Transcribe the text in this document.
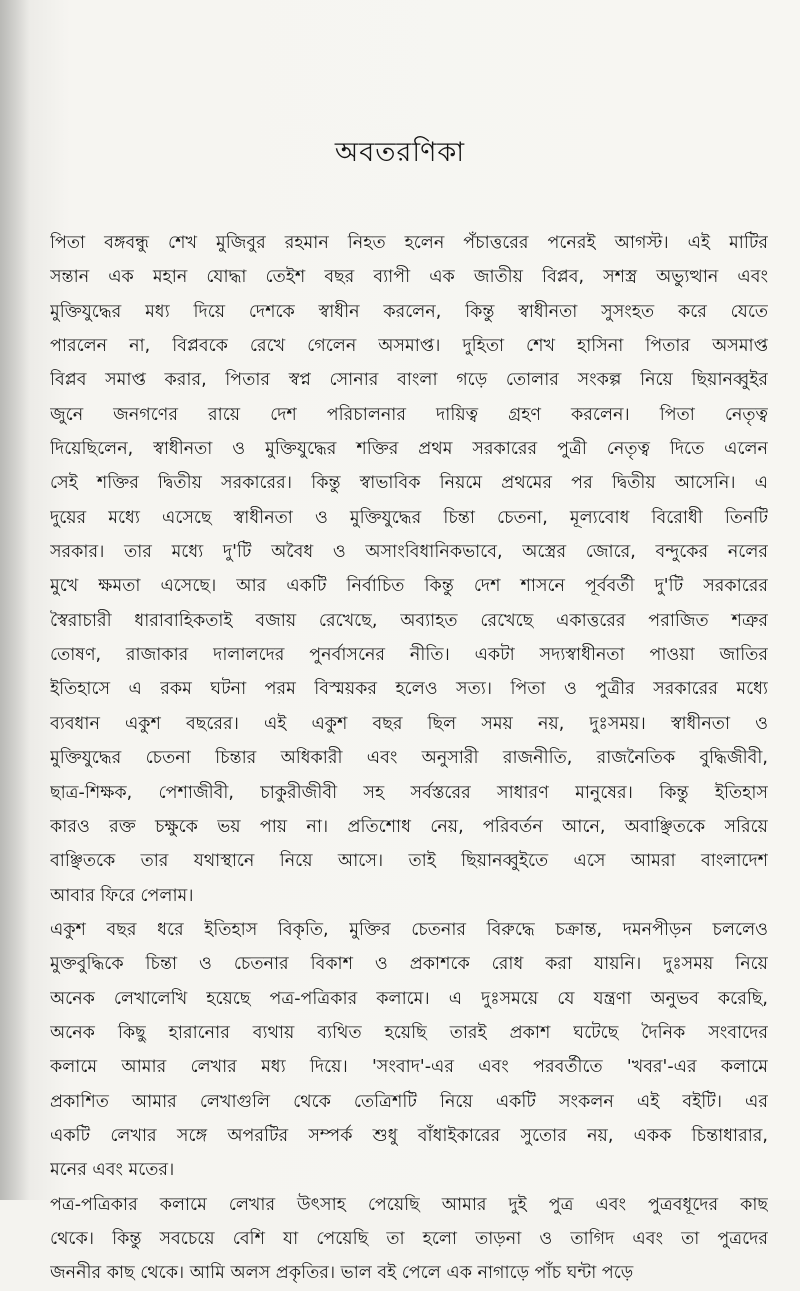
অবতরণিকা
পিতা বঙ্গবন্ধু শেখ মুজিবুর রহমান নিহত হলেন পঁচাত্তরের পনেরই আগস্ট। এই মাটির
সন্তান এক মহান যোদ্ধা তেইশ বছর ব্যাপী এক জাতীয় বিপ্লব, সশস্ত্র অভ্যুত্থান এবং
মুক্তিযুদ্ধের মধ্য দিয়ে দেশকে স্বাধীন করলেন, কিন্তু স্বাধীনতা সুসংহত করে যেতে
পারলেন না, বিপ্লবকে রেখে গেলেন অসমাপ্ত। দুহিতা শেখ হাসিনা পিতার অসমাপ্ত
বিপ্লব সমাপ্ত করার, পিতার স্বপ্ন সোনার বাংলা গড়ে তোলার সংকল্প নিয়ে ছিয়ানব্বুইর
জুনে জনগণের রায়ে দেশ পরিচালনার দায়িত্ব গ্রহণ করলেন। পিতা নেতৃত্ব
দিয়েছিলেন, স্বাধীনতা ও মুক্তিযুদ্ধের শক্তির প্রথম সরকারের পুত্রী নেতৃত্ব দিতে এলেন
সেই শক্তির দ্বিতীয় সরকারের। কিন্তু স্বাভাবিক নিয়মে প্রথমের পর দ্বিতীয় আসেনি। এ
দুয়ের মধ্যে এসেছে স্বাধীনতা ও মুক্তিযুদ্ধের চিন্তা চেতনা, মূল্যবোধ বিরোধী তিনটি
সরকার। তার মধ্যে দু'টি অবৈধ ও অসাংবিধানিকভাবে, অস্ত্রের জোরে, বন্দুকের নলের
মুখে ক্ষমতা এসেছে। আর একটি নির্বাচিত কিন্তু দেশ শাসনে পূর্ববর্তী দু'টি সরকারের
স্বৈরাচারী ধারাবাহিকতাই বজায় রেখেছে, অব্যাহত রেখেছে একাত্তরের পরাজিত শত্রুর
তোষণ, রাজাকার দালালদের পুনর্বাসনের নীতি। একটা সদ্যস্বাধীনতা পাওয়া জাতির
ইতিহাসে এ রকম ঘটনা পরম বিস্ময়কর হলেও সত্য। পিতা ও পুত্রীর সরকারের মধ্যে
ব্যবধান একুশ বছরের। এই একুশ বছর ছিল সময় নয়, দুঃসময়। স্বাধীনতা ও
মুক্তিযুদ্ধের চেতনা চিন্তার অধিকারী এবং অনুসারী রাজনীতি, রাজনৈতিক বুদ্ধিজীবী,
ছাত্র-শিক্ষক, পেশাজীবী, চাকুরীজীবী সহ সর্বস্তরের সাধারণ মানুষের। কিন্তু ইতিহাস
কারও রক্ত চক্ষুকে ভয় পায় না। প্রতিশোধ নেয়, পরিবর্তন আনে, অবাঞ্ছিতকে সরিয়ে
বাঞ্ছিতকে তার যথাস্থানে নিয়ে আসে। তাই ছিয়ানব্বুইতে এসে আমরা বাংলাদেশ
আবার ফিরে পেলাম।
একুশ বছর ধরে ইতিহাস বিকৃতি, মুক্তির চেতনার বিরুদ্ধে চক্রান্ত, দমনপীড়ন চললেও
মুক্তবুদ্ধিকে চিন্তা ও চেতনার বিকাশ ও প্রকাশকে রোধ করা যায়নি। দুঃসময় নিয়ে
অনেক লেখালেখি হয়েছে পত্র-পত্রিকার কলামে। এ দুঃসময়ে যে যন্ত্রণা অনুভব করেছি,
অনেক কিছু হারানোর ব্যথায় ব্যথিত হয়েছি তারই প্রকাশ ঘটেছে দৈনিক সংবাদের
কলামে আমার লেখার মধ্য দিয়ে। 'সংবাদ'-এর এবং পরবর্তীতে 'খবর'-এর কলামে
প্রকাশিত আমার লেখাগুলি থেকে তেত্রিশটি নিয়ে একটি সংকলন এই বইটি। এর
একটি লেখার সঙ্গে অপরটির সম্পর্ক শুধু বাঁধাইকারের সুতোর নয়, একক চিন্তাধারার,
মনের এবং মতের।
পত্র-পত্রিকার কলামে লেখার উৎসাহ পেয়েছি আমার দুই পুত্র এবং পুত্রবধূদের কাছ
থেকে। কিন্তু সবচেয়ে বেশি যা পেয়েছি তা হলো তাড়না ও তাগিদ এবং তা পুত্রদের
জননীর কাছ থেকে। আমি অলস প্রকৃতির। ভাল বই পেলে এক নাগাড়ে পাঁচ ঘন্টা পড়ে
